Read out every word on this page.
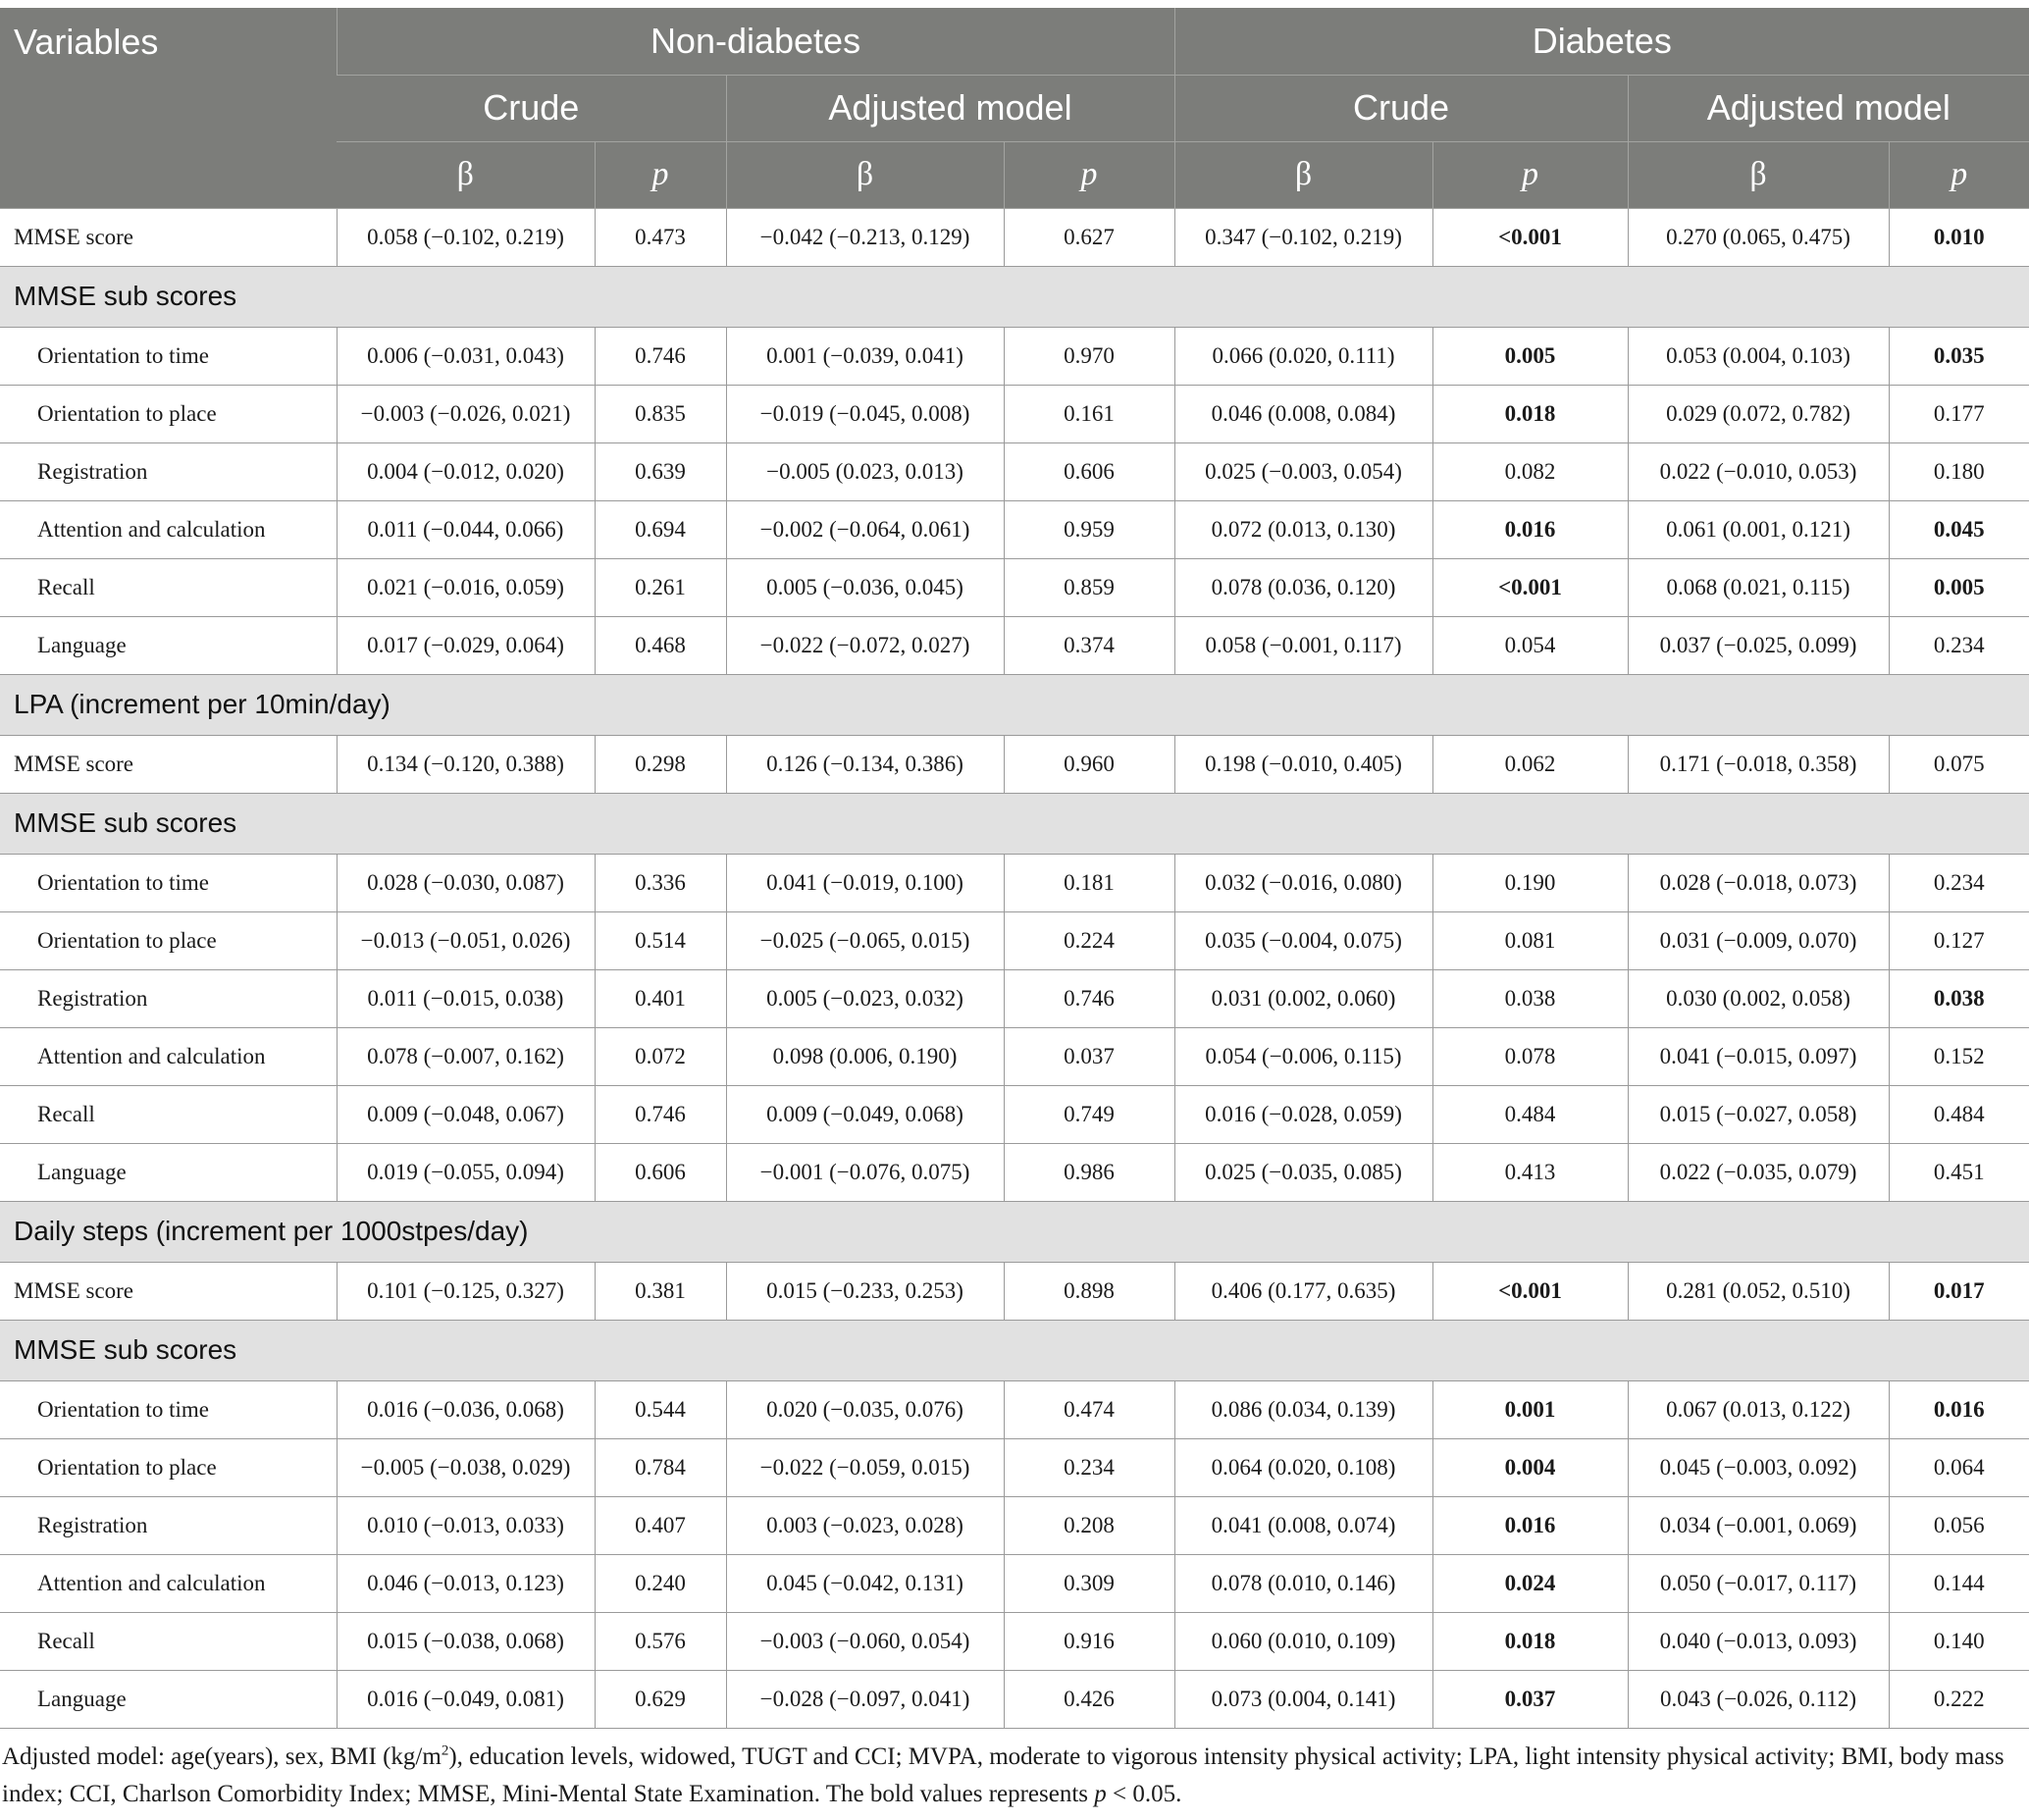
Variables	Non-diabetes				Diabetes			
	Crude		Adjusted model		Crude		Adjusted model	
	β	p	β	p	β	p	β	p
MMSE score	0.058 (−0.102, 0.219)	0.473	−0.042 (−0.213, 0.129)	0.627	0.347 (−0.102, 0.219)	<0.001	0.270 (0.065, 0.475)	0.010
MMSE sub scores								
Orientation to time	0.006 (−0.031, 0.043)	0.746	0.001 (−0.039, 0.041)	0.970	0.066 (0.020, 0.111)	0.005	0.053 (0.004, 0.103)	0.035
Orientation to place	−0.003 (−0.026, 0.021)	0.835	−0.019 (−0.045, 0.008)	0.161	0.046 (0.008, 0.084)	0.018	0.029 (0.072, 0.782)	0.177
Registration	0.004 (−0.012, 0.020)	0.639	−0.005 (0.023, 0.013)	0.606	0.025 (−0.003, 0.054)	0.082	0.022 (−0.010, 0.053)	0.180
Attention and calculation	0.011 (−0.044, 0.066)	0.694	−0.002 (−0.064, 0.061)	0.959	0.072 (0.013, 0.130)	0.016	0.061 (0.001, 0.121)	0.045
Recall	0.021 (−0.016, 0.059)	0.261	0.005 (−0.036, 0.045)	0.859	0.078 (0.036, 0.120)	<0.001	0.068 (0.021, 0.115)	0.005
Language	0.017 (−0.029, 0.064)	0.468	−0.022 (−0.072, 0.027)	0.374	0.058 (−0.001, 0.117)	0.054	0.037 (−0.025, 0.099)	0.234
LPA (increment per 10min/day)								
MMSE score	0.134 (−0.120, 0.388)	0.298	0.126 (−0.134, 0.386)	0.960	0.198 (−0.010, 0.405)	0.062	0.171 (−0.018, 0.358)	0.075
MMSE sub scores								
Orientation to time	0.028 (−0.030, 0.087)	0.336	0.041 (−0.019, 0.100)	0.181	0.032 (−0.016, 0.080)	0.190	0.028 (−0.018, 0.073)	0.234
Orientation to place	−0.013 (−0.051, 0.026)	0.514	−0.025 (−0.065, 0.015)	0.224	0.035 (−0.004, 0.075)	0.081	0.031 (−0.009, 0.070)	0.127
Registration	0.011 (−0.015, 0.038)	0.401	0.005 (−0.023, 0.032)	0.746	0.031 (0.002, 0.060)	0.038	0.030 (0.002, 0.058)	0.038
Attention and calculation	0.078 (−0.007, 0.162)	0.072	0.098 (0.006, 0.190)	0.037	0.054 (−0.006, 0.115)	0.078	0.041 (−0.015, 0.097)	0.152
Recall	0.009 (−0.048, 0.067)	0.746	0.009 (−0.049, 0.068)	0.749	0.016 (−0.028, 0.059)	0.484	0.015 (−0.027, 0.058)	0.484
Language	0.019 (−0.055, 0.094)	0.606	−0.001 (−0.076, 0.075)	0.986	0.025 (−0.035, 0.085)	0.413	0.022 (−0.035, 0.079)	0.451
Daily steps (increment per 1000stpes/day)								
MMSE score	0.101 (−0.125, 0.327)	0.381	0.015 (−0.233, 0.253)	0.898	0.406 (0.177, 0.635)	<0.001	0.281 (0.052, 0.510)	0.017
MMSE sub scores								
Orientation to time	0.016 (−0.036, 0.068)	0.544	0.020 (−0.035, 0.076)	0.474	0.086 (0.034, 0.139)	0.001	0.067 (0.013, 0.122)	0.016
Orientation to place	−0.005 (−0.038, 0.029)	0.784	−0.022 (−0.059, 0.015)	0.234	0.064 (0.020, 0.108)	0.004	0.045 (−0.003, 0.092)	0.064
Registration	0.010 (−0.013, 0.033)	0.407	0.003 (−0.023, 0.028)	0.208	0.041 (0.008, 0.074)	0.016	0.034 (−0.001, 0.069)	0.056
Attention and calculation	0.046 (−0.013, 0.123)	0.240	0.045 (−0.042, 0.131)	0.309	0.078 (0.010, 0.146)	0.024	0.050 (−0.017, 0.117)	0.144
Recall	0.015 (−0.038, 0.068)	0.576	−0.003 (−0.060, 0.054)	0.916	0.060 (0.010, 0.109)	0.018	0.040 (−0.013, 0.093)	0.140
Language	0.016 (−0.049, 0.081)	0.629	−0.028 (−0.097, 0.041)	0.426	0.073 (0.004, 0.141)	0.037	0.043 (−0.026, 0.112)	0.222
Adjusted model: age(years), sex, BMI $(kg/m^2)$, education levels, widowed, TUGT and CCI; MVPA, moderate to vigorous intensity physical activity; LPA, light intensity physical activity; BMI, body mass index; CCI, Charlson Comorbidity Index; MMSE, Mini-Mental State Examination. The bold values represents p < 0.05.
